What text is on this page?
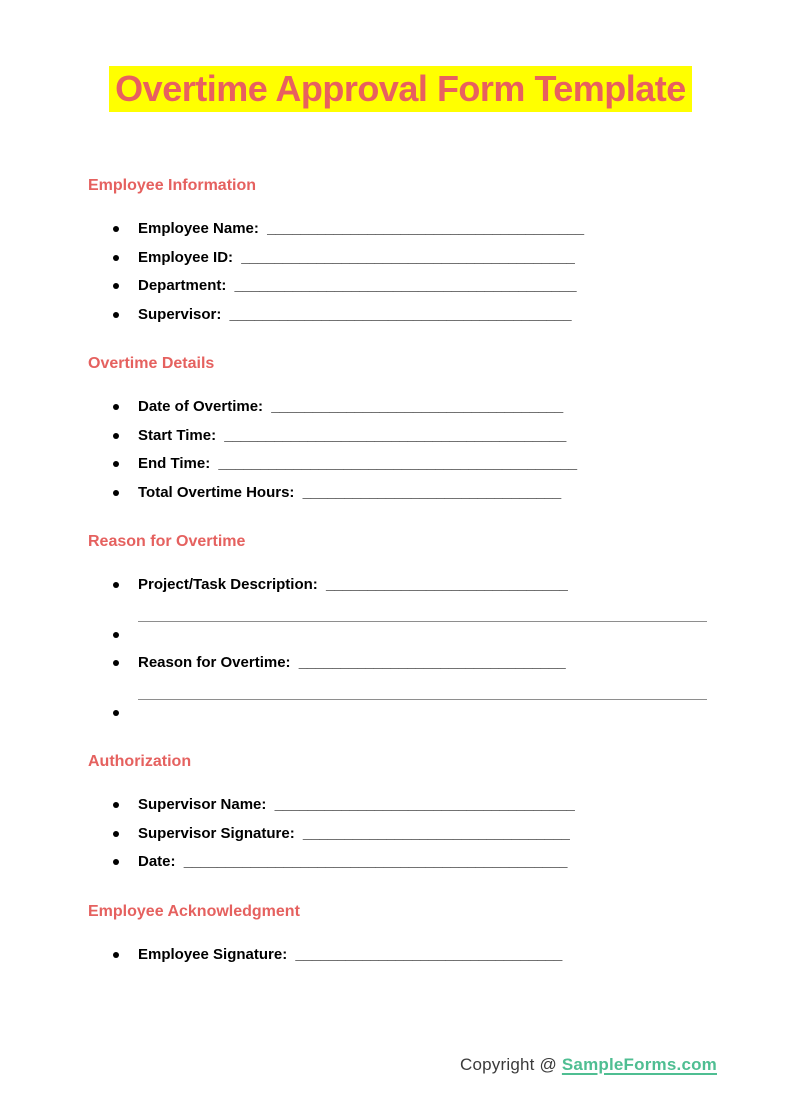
Overtime Approval Form Template
Employee Information
Employee Name: ______________________________________
Employee ID: ________________________________________
Department: _________________________________________
Supervisor: _________________________________________
Overtime Details
Date of Overtime: ___________________________________
Start Time: _________________________________________
End Time: ___________________________________________
Total Overtime Hours: _______________________________
Reason for Overtime
Project/Task Description: _____________________________
Reason for Overtime: ________________________________
Authorization
Supervisor Name: ____________________________________
Supervisor Signature: ________________________________
Date: ______________________________________________
Employee Acknowledgment
Employee Signature: ________________________________
Copyright @ SampleForms.com
